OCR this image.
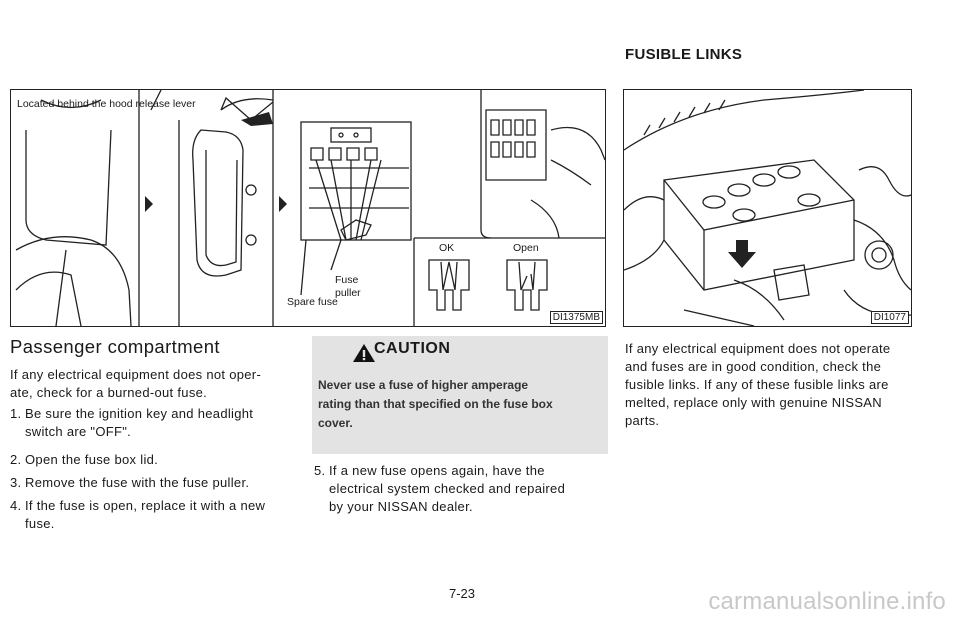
FUSIBLE LINKS
Located behind the hood release lever
Fuse
puller
Spare fuse
OK	Open
DI1375MB	DI1077
Passenger compartment
If any electrical equipment does not oper-
ate, check for a burned-out fuse.
1. Be sure the ignition key and headlight
switch are "OFF".
2. Open the fuse box lid.
3. Remove the fuse with the fuse puller.
4. If the fuse is open, replace it with a new
fuse.
CAUTION
Never use a fuse of higher amperage
rating than that specified on the fuse box
cover.
5. If a new fuse opens again, have the
electrical system checked and repaired
by your NISSAN dealer.
If any electrical equipment does not operate
and fuses are in good condition, check the
fusible links. If any of these fusible links are
melted, replace only with genuine NISSAN
parts.
7-23	carmanualsonline.info
